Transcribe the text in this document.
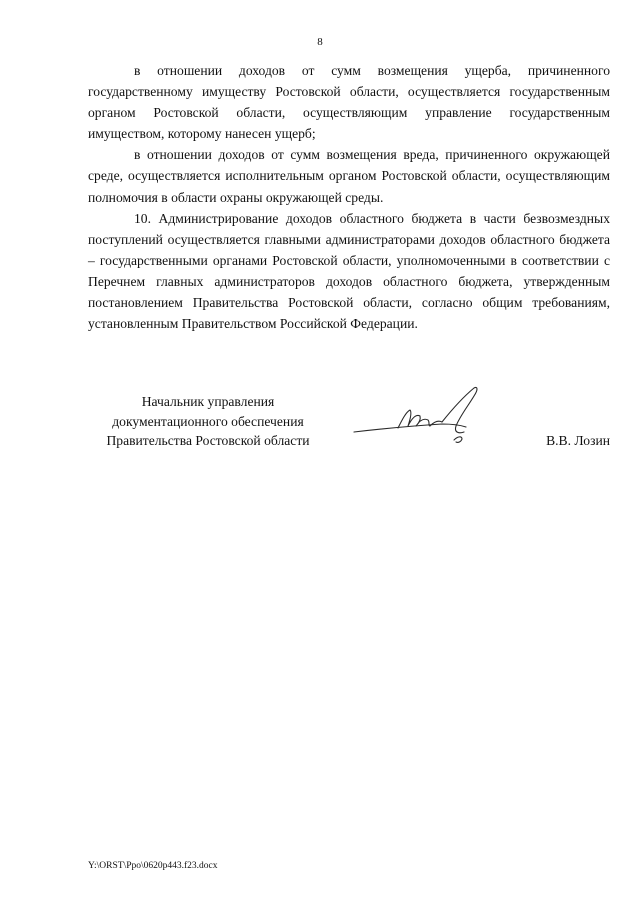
8

в отношении доходов от сумм возмещения ущерба, причиненного государственному имуществу Ростовской области, осуществляется государственным органом Ростовской области, осуществляющим управление государственным имуществом, которому нанесен ущерб;

в отношении доходов от сумм возмещения вреда, причиненного окружающей среде, осуществляется исполнительным органом Ростовской области, осуществляющим полномочия в области охраны окружающей среды.

10. Администрирование доходов областного бюджета в части безвозмездных поступлений осуществляется главными администраторами доходов областного бюджета – государственными органами Ростовской области, уполномоченными в соответствии с Перечнем главных администраторов доходов областного бюджета, утвержденным постановлением Правительства Ростовской области, согласно общим требованиям, установленным Правительством Российской Федерации.

Начальник управления
документационного обеспечения
Правительства Ростовской области	В.В. Лозин
Y:\ORST\Ppo\0620p443.f23.docx
